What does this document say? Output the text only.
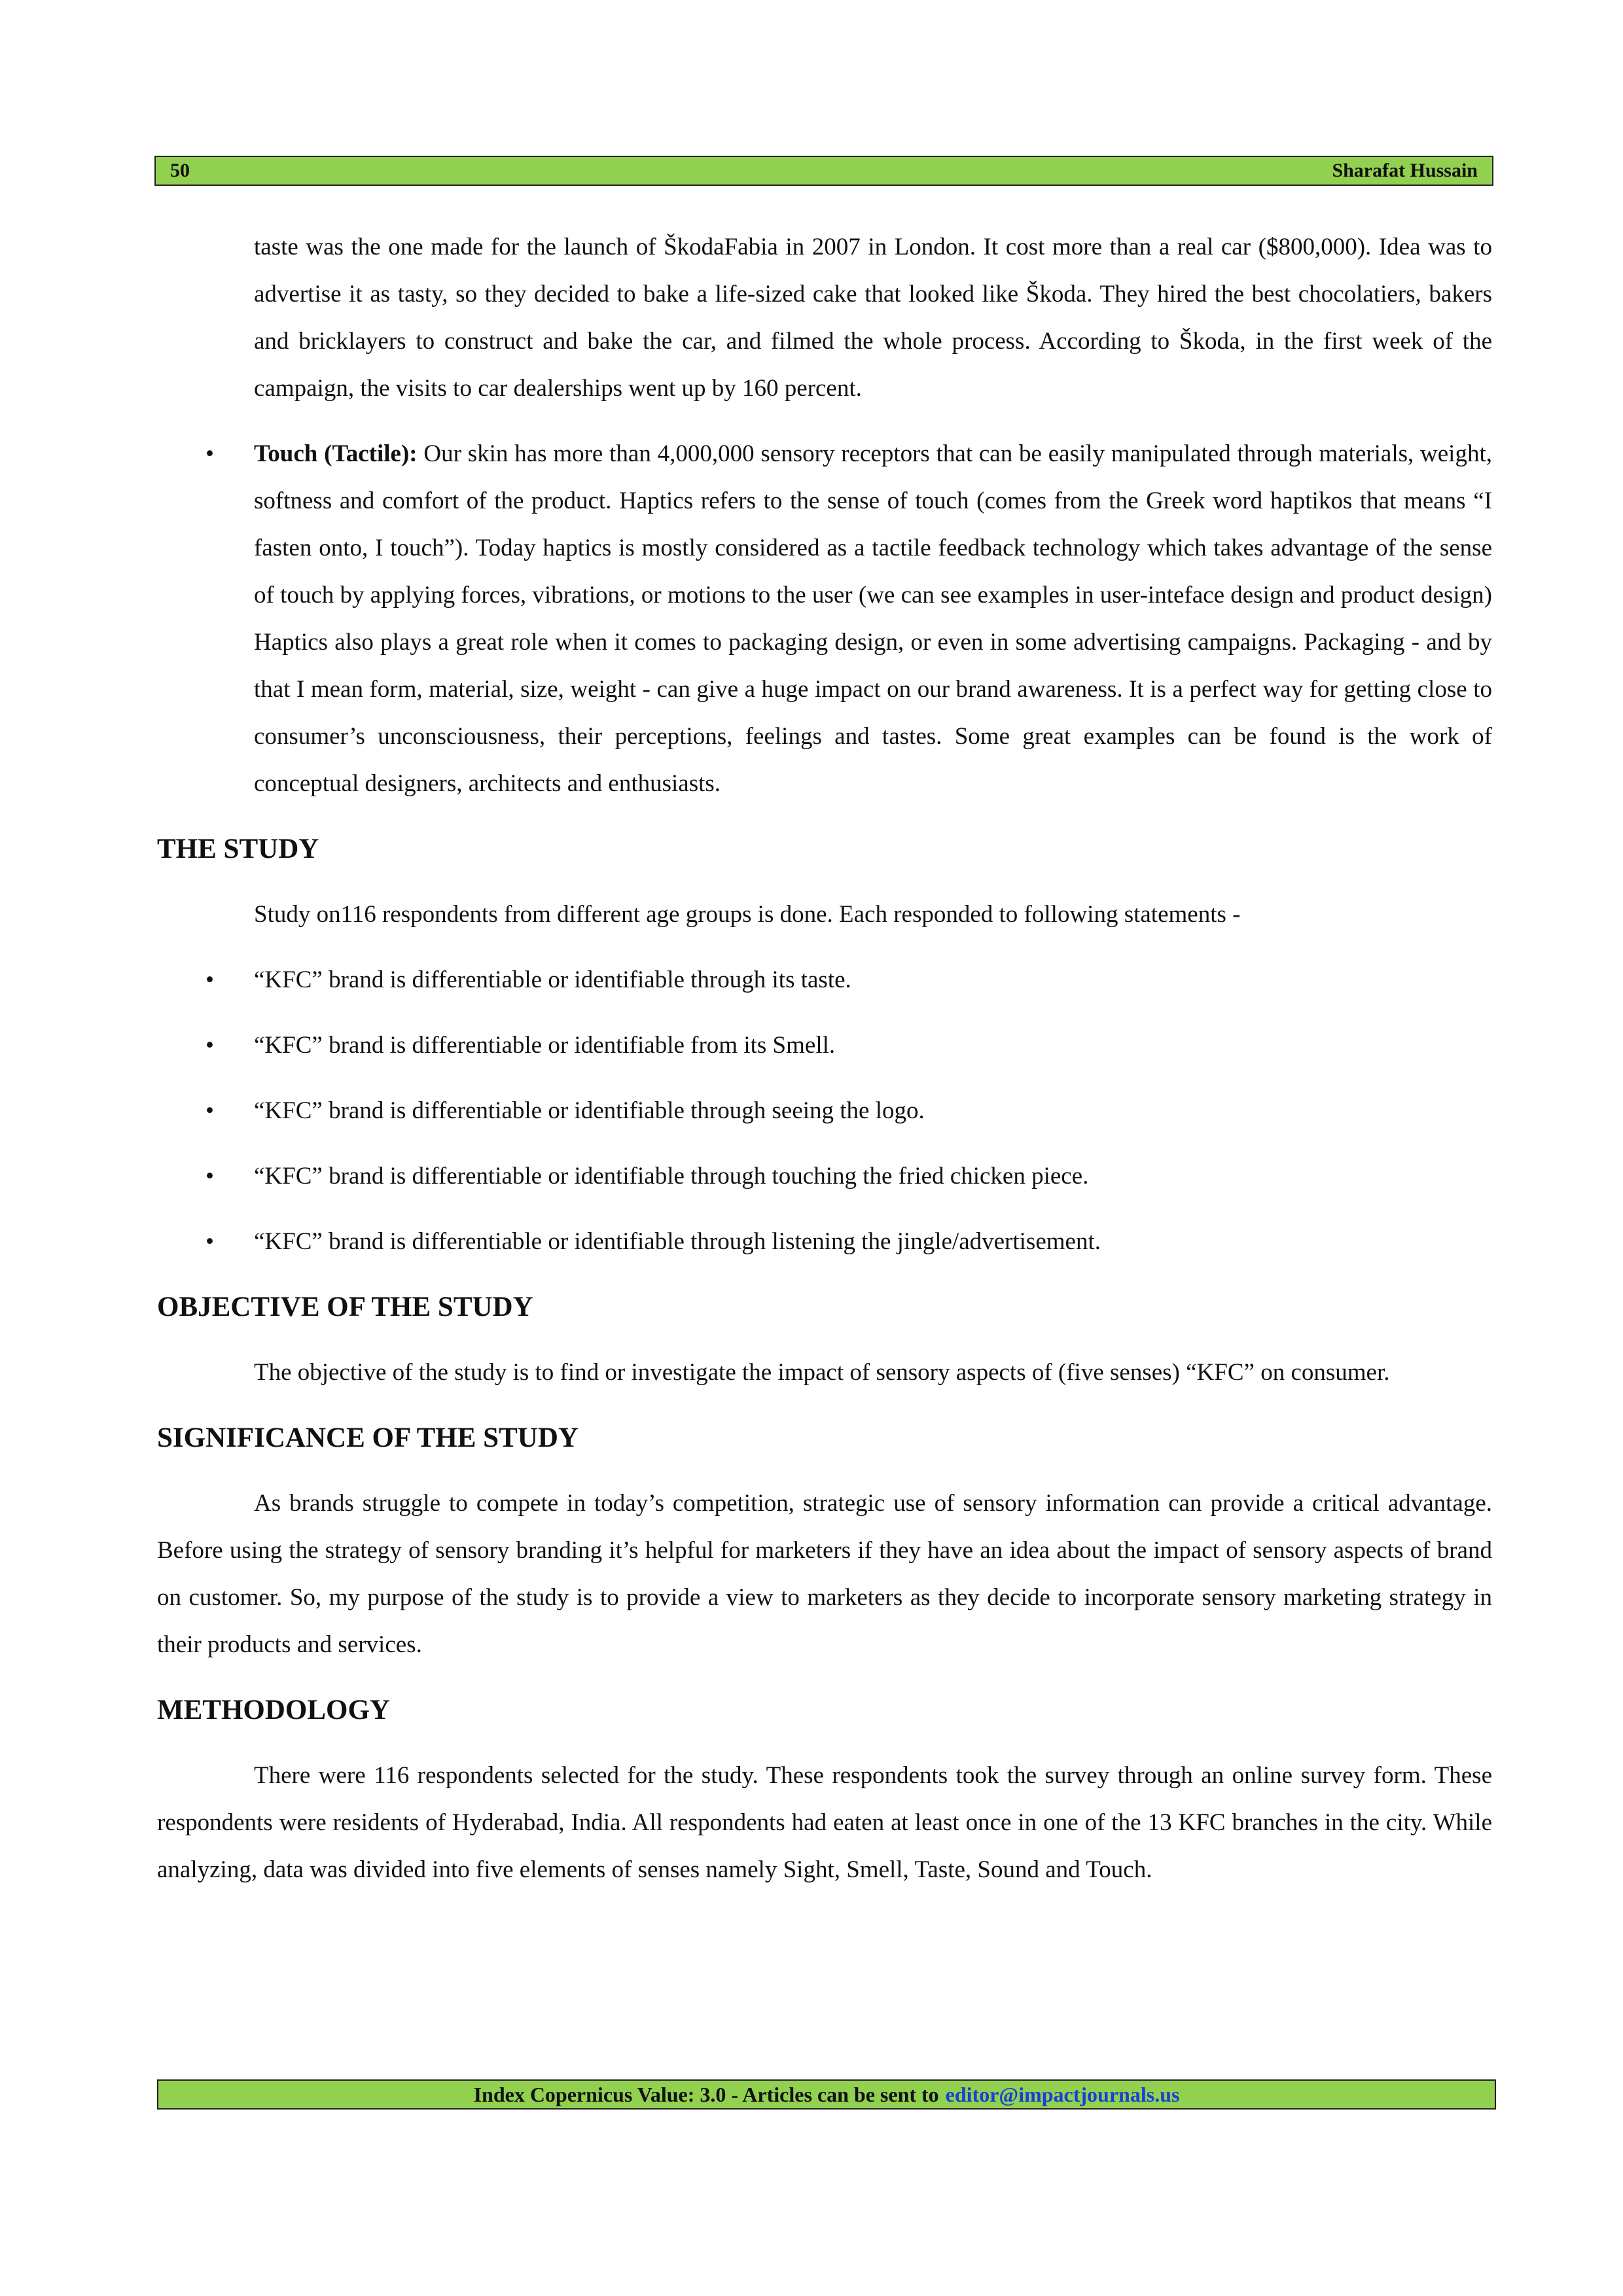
50	Sharafat Hussain

taste was the one made for the launch of ŠkodaFabia in 2007 in London. It cost more than a real car ($800,000). Idea was to advertise it as tasty, so they decided to bake a life-sized cake that looked like Škoda. They hired the best chocolatiers, bakers and bricklayers to construct and bake the car, and filmed the whole process. According to Škoda, in the first week of the campaign, the visits to car dealerships went up by 160 percent.

• Touch (Tactile): Our skin has more than 4,000,000 sensory receptors that can be easily manipulated through materials, weight, softness and comfort of the product. Haptics refers to the sense of touch (comes from the Greek word haptikos that means “I fasten onto, I touch”). Today haptics is mostly considered as a tactile feedback technology which takes advantage of the sense of touch by applying forces, vibrations, or motions to the user (we can see examples in user-inteface design and product design) Haptics also plays a great role when it comes to packaging design, or even in some advertising campaigns. Packaging - and by that I mean form, material, size, weight - can give a huge impact on our brand awareness. It is a perfect way for getting close to consumer’s unconsciousness, their perceptions, feelings and tastes. Some great examples can be found is the work of conceptual designers, architects and enthusiasts.

THE STUDY

Study on116 respondents from different age groups is done. Each responded to following statements -

• “KFC” brand is differentiable or identifiable through its taste.

• “KFC” brand is differentiable or identifiable from its Smell.

• “KFC” brand is differentiable or identifiable through seeing the logo.

• “KFC” brand is differentiable or identifiable through touching the fried chicken piece.

• “KFC” brand is differentiable or identifiable through listening the jingle/advertisement.

OBJECTIVE OF THE STUDY

The objective of the study is to find or investigate the impact of sensory aspects of (five senses) “KFC” on consumer.

SIGNIFICANCE OF THE STUDY

As brands struggle to compete in today’s competition, strategic use of sensory information can provide a critical advantage. Before using the strategy of sensory branding it’s helpful for marketers if they have an idea about the impact of sensory aspects of brand on customer. So, my purpose of the study is to provide a view to marketers as they decide to incorporate sensory marketing strategy in their products and services.

METHODOLOGY

There were 116 respondents selected for the study. These respondents took the survey through an online survey form. These respondents were residents of Hyderabad, India. All respondents had eaten at least once in one of the 13 KFC branches in the city. While analyzing, data was divided into five elements of senses namely Sight, Smell, Taste, Sound and Touch.

Index Copernicus Value: 3.0 - Articles can be sent to editor@impactjournals.us
